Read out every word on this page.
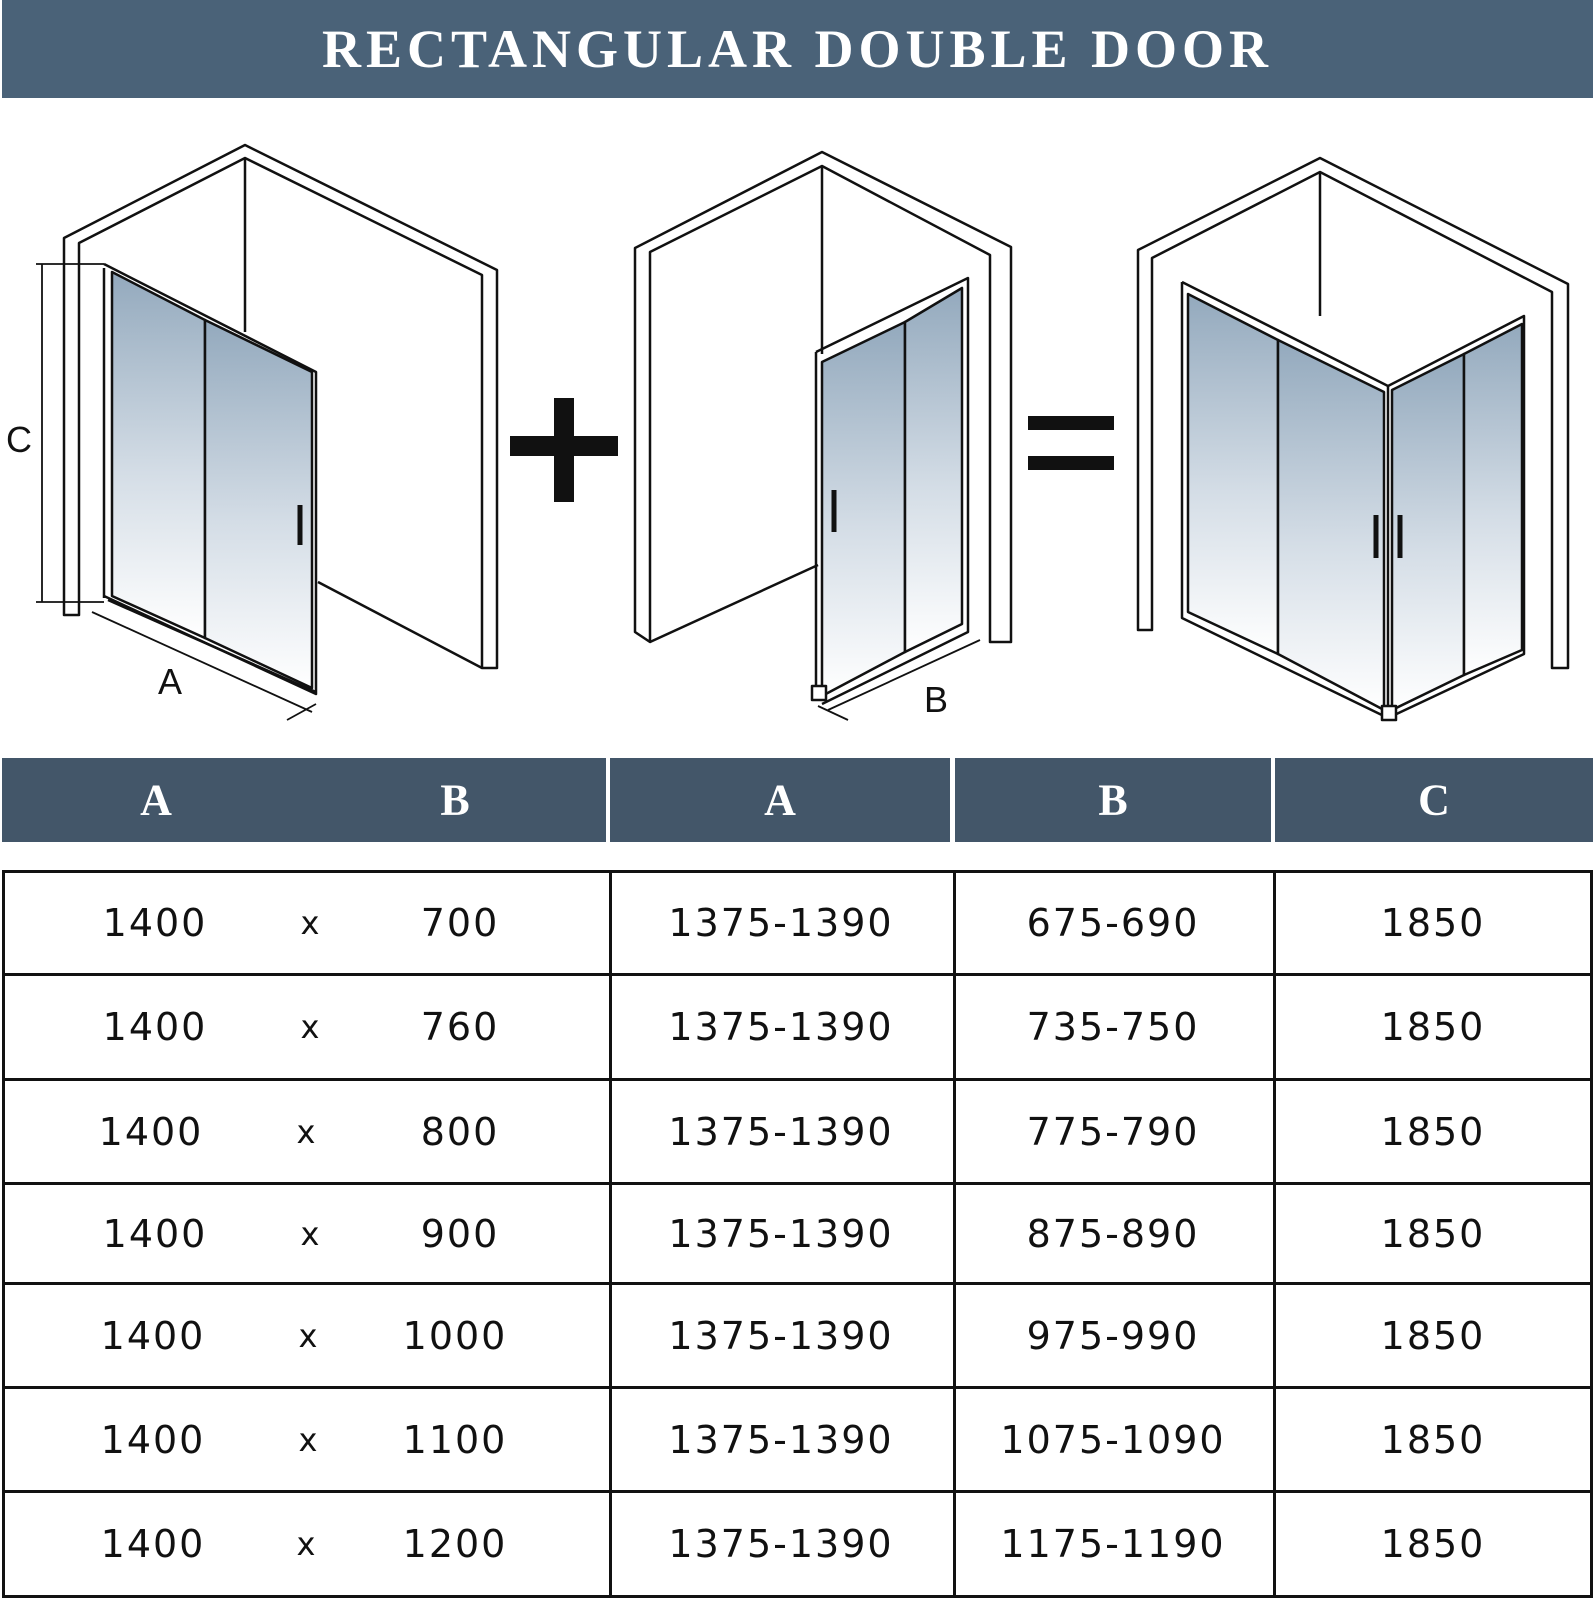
RECTANGULAR DOUBLE DOOR
C
A	B
A	B	A	B	C
1400	x	700	1375-1390	675-690	1850
1400	x	760	1375-1390	735-750	1850
1400	x	800	1375-1390	775-790	1850
1400	x	900	1375-1390	875-890	1850
1400	x 1000	1375-1390	975-990	1850
1400	x 1100	1375-1390	1075-1090	1850
1400	x 1200	1375-1390	1175-1190	1850
